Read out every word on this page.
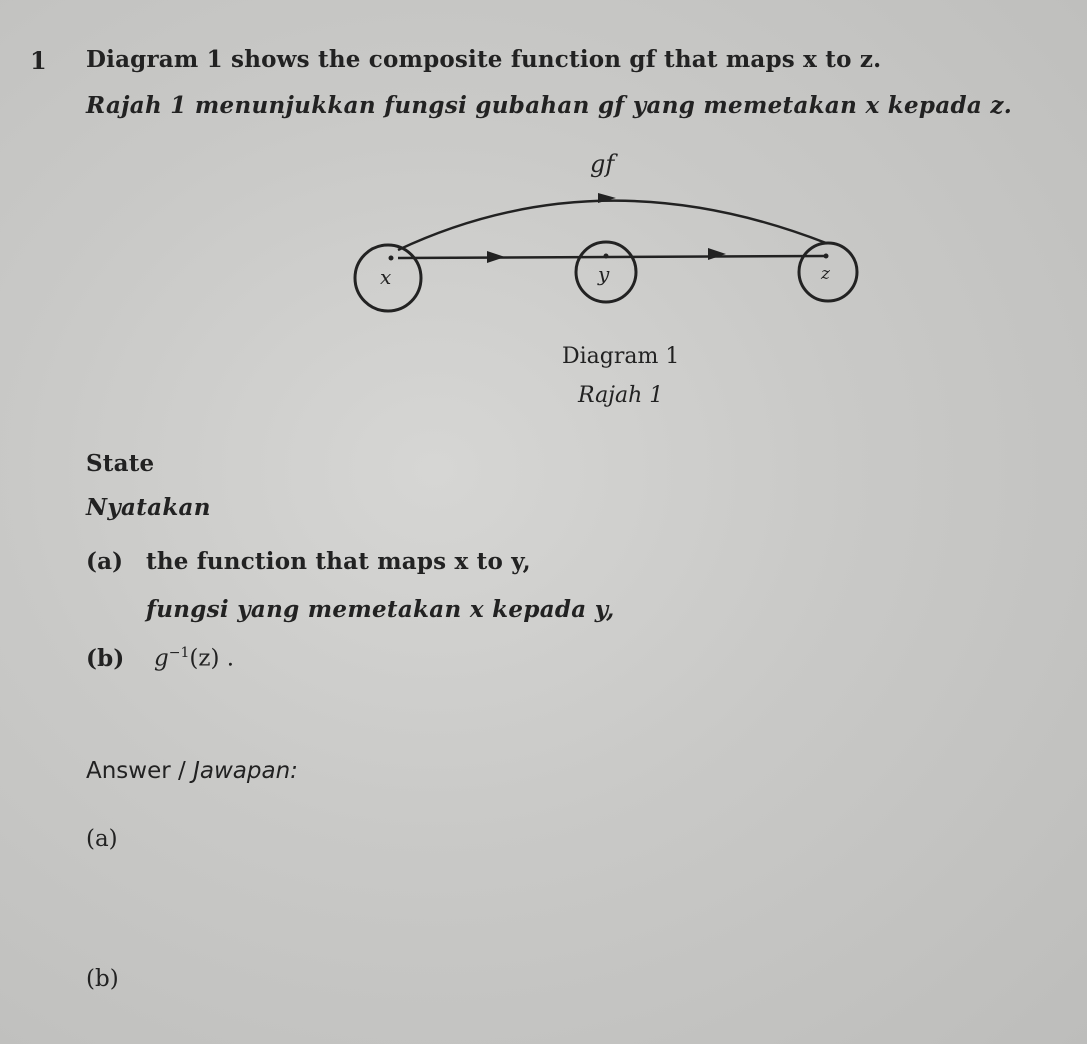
1 Diagram 1 shows the composite function gf that maps x to z.
Rajah 1 menunjukkan fungsi gubahan gf yang memetakan x kepada z.
gf
x	y	z
Diagram 1
Rajah 1
State
Nyatakan
(a) the function that maps x to y,
fungsi yang memetakan x kepada y,
(b) $g^{-1}(z)$ .
Answer / Jawapan:
(a)
(b)
